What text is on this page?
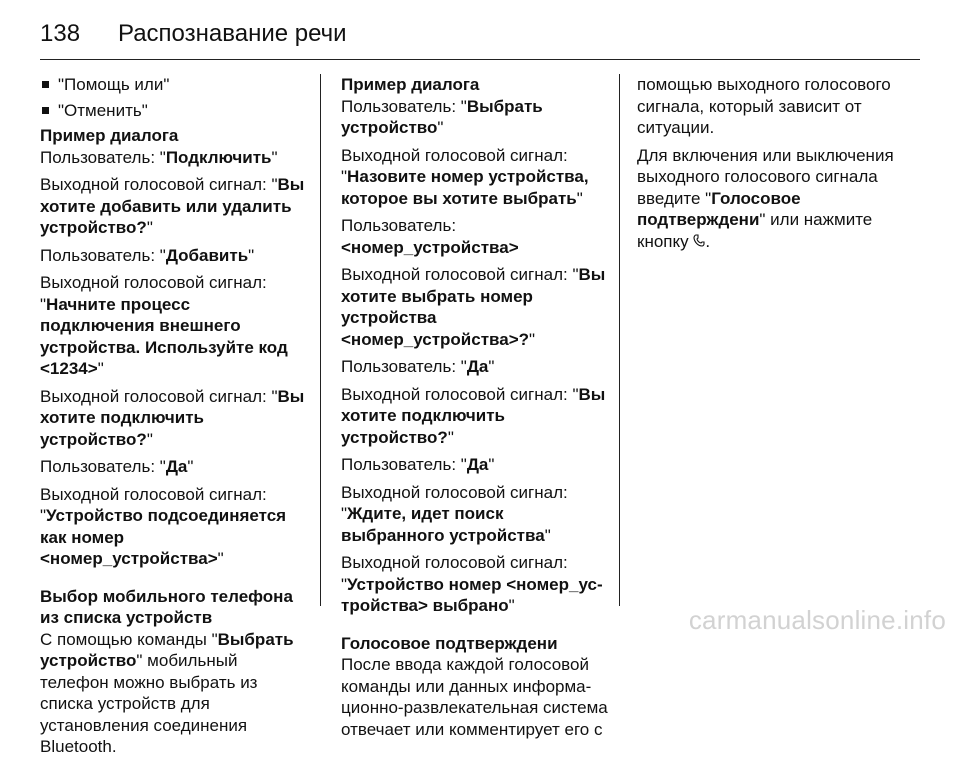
138	Распознавание речи
"Помощь или"
"Отменить"
Пример диалога
Пользователь: "Подключить"
Выходной голосовой сигнал: "Вы хотите добавить или удалить устройство?"
Пользователь: "Добавить"
Выходной голосовой сигнал: "Начните процесс подключения внешнего устройства. Используйте код <1234>"
Выходной голосовой сигнал: "Вы хотите подключить устройство?"
Пользователь: "Да"
Выходной голосовой сигнал: "Устройство подсоединяется как номер <номер_устройства>"
Выбор мобильного телефона из списка устройств
С помощью команды "Выбрать устройство" мобильный телефон можно выбрать из списка устройств для установления соединения Bluetooth.
Пример диалога
Пользователь: "Выбрать устройство"
Выходной голосовой сигнал: "Назовите номер устройства, которое вы хотите выбрать"
Пользователь: <номер_устройства>
Выходной голосовой сигнал: "Вы хотите выбрать номер устройства <номер_устройства>?"
Пользователь: "Да"
Выходной голосовой сигнал: "Вы хотите подключить устройство?"
Пользователь: "Да"
Выходной голосовой сигнал: "Ждите, идет поиск выбранного устройства"
Выходной голосовой сигнал: "Устройство номер <номер_устройства> выбрано"
Голосовое подтверждени
После ввода каждой голосовой команды или данных информационно-развлекательная система отвечает или комментирует его с
помощью выходного голосового сигнала, который зависит от ситуации.
Для включения или выключения выходного голосового сигнала введите "Голосовое подтверждени" или нажмите кнопку .
carmanualsonline.info
